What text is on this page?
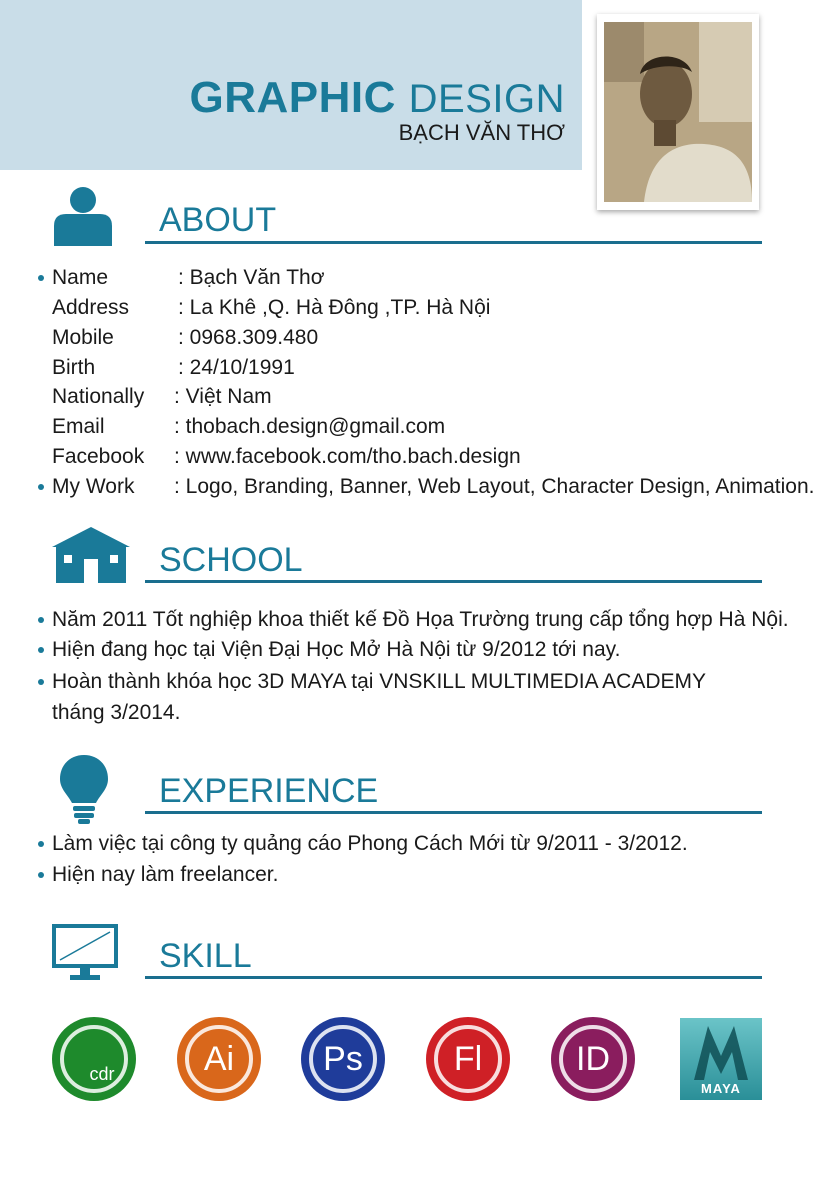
GRAPHIC DESIGN
BẠCH VĂN THƠ
ABOUT
Name	: Bạch Văn Thơ
Address : La Khê ,Q. Hà Đông ,TP. Hà Nội
Mobile	: 0968.309.480
Birth	: 24/10/1991
Nationally : Việt Nam
Email	: thobach.design@gmail.com
Facebook : www.facebook.com/tho.bach.design
My Work : Logo, Branding, Banner, Web Layout, Character Design, Animation.
SCHOOL
Năm 2011 Tốt nghiệp khoa thiết kế Đồ Họa Trường trung cấp tổng hợp Hà Nội.
Hiện đang học tại Viện Đại Học Mở Hà Nội từ 9/2012 tới nay.
Hoàn thành khóa học 3D MAYA tại VNSKILL MULTIMEDIA ACADEMY
tháng 3/2014.
EXPERIENCE
Làm việc tại công ty quảng cáo Phong Cách Mới từ 9/2011 - 3/2012.
Hiện nay làm freelancer.
SKILL
cdr	Ai	Ps	Fl	ID
MAYA
